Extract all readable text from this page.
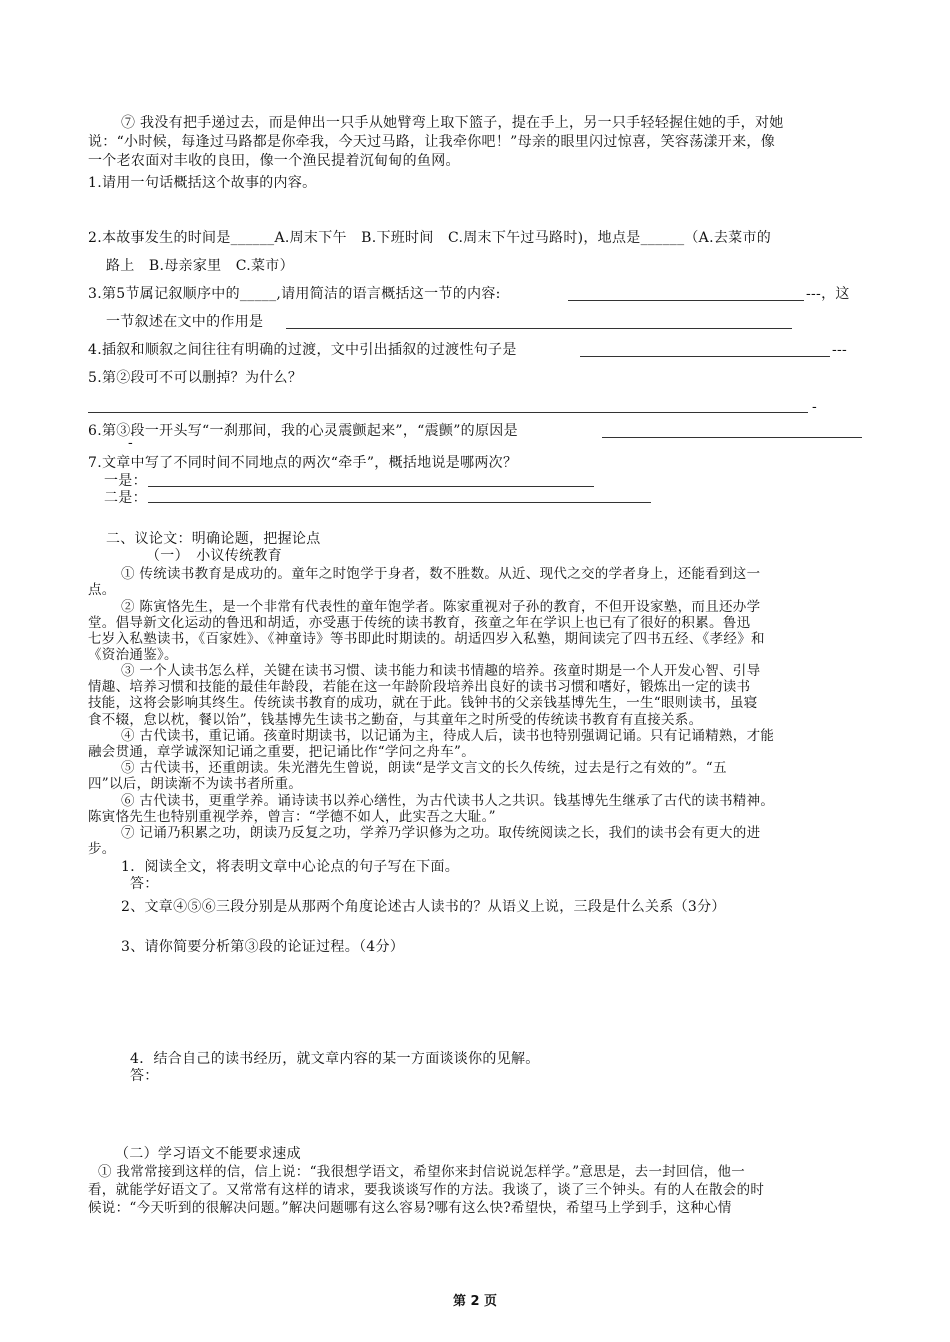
⑦ 我没有把手递过去，而是伸出一只手从她臂弯上取下篮子，提在手上，另一只手轻轻握住她的手，对她
说：“小时候，每逢过马路都是你牵我，今天过马路，让我牵你吧！”母亲的眼里闪过惊喜，笑容荡漾开来，像
一个老农面对丰收的良田，像一个渔民提着沉甸甸的鱼网。
1.请用一句话概括这个故事的内容。
2.本故事发生的时间是______A.周末下午　B.下班时间　C.周末下午过马路时)，地点是______（A.去菜市的
路上　B.母亲家里　C.菜市）
3.第5节属记叙顺序中的_____,请用简洁的语言概括这一节的内容:	---，这
一节叙述在文中的作用是
4.插叙和顺叙之间往往有明确的过渡，文中引出插叙的过渡性句子是	---
5.第②段可不可以删掉？为什么？
-
6.第③段一开头写“一刹那间，我的心灵震颤起来”，“震颤”的原因是
-
7.文章中写了不同时间不同地点的两次“牵手”，概括地说是哪两次？
一是：
二是：
二、议论文：明确论题，把握论点
（一）　小议传统教育
① 传统读书教育是成功的。童年之时饱学于身者，数不胜数。从近、现代之交的学者身上，还能看到这一
点。
② 陈寅恪先生，是一个非常有代表性的童年饱学者。陈家重视对子孙的教育，不但开设家塾，而且还办学
堂。倡导新文化运动的鲁迅和胡适，亦受惠于传统的读书教育，孩童之年在学识上也已有了很好的积累。鲁迅
七岁入私塾读书，《百家姓》、《神童诗》等书即此时期读的。胡适四岁入私塾，期间读完了四书五经、《孝经》和
《资治通鉴》。
③ 一个人读书怎么样，关键在读书习惯、读书能力和读书情趣的培养。孩童时期是一个人开发心智、引导
情趣、培养习惯和技能的最佳年龄段，若能在这一年龄阶段培养出良好的读书习惯和嗜好，锻炼出一定的读书
技能，这将会影响其终生。传统读书教育的成功，就在于此。钱钟书的父亲钱基博先生，一生“眼则读书，虽寝
食不辍，怠以枕，餐以饴”，钱基博先生读书之勤奋，与其童年之时所受的传统读书教育有直接关系。
④ 古代读书，重记诵。孩童时期读书，以记诵为主，待成人后，读书也特别强调记诵。只有记诵精熟，才能
融会贯通，章学诚深知记诵之重要，把记诵比作“学问之舟车”。
⑤ 古代读书，还重朗读。朱光潜先生曾说，朗读“是学文言文的长久传统，过去是行之有效的”。“五
四”以后，朗读渐不为读书者所重。
⑥ 古代读书，更重学养。诵诗读书以养心缮性，为古代读书人之共识。钱基博先生继承了古代的读书精神。
陈寅恪先生也特别重视学养，曾言：“学德不如人，此实吾之大耻。”
⑦ 记诵乃积累之功，朗读乃反复之功，学养乃学识修为之功。取传统阅读之长，我们的读书会有更大的进
步。
1．阅读全文，将表明文章中心论点的句子写在下面。
答：
2、文章④⑤⑥三段分别是从那两个角度论述古人读书的？从语义上说，三段是什么关系（3分）
3、请你简要分析第③段的论证过程。（4分）
4．结合自己的读书经历，就文章内容的某一方面谈谈你的见解。
答：
（二）学习语文不能要求速成
① 我常常接到这样的信，信上说：“我很想学语文，希望你来封信说说怎样学。”意思是，去一封回信，他一
看，就能学好语文了。又常常有这样的请求，要我谈谈写作的方法。我谈了，谈了三个钟头。有的人在散会的时
候说：“今天听到的很解决问题。”解决问题哪有这么容易?哪有这么快?希望快，希望马上学到手，这种心情
第 2 页
